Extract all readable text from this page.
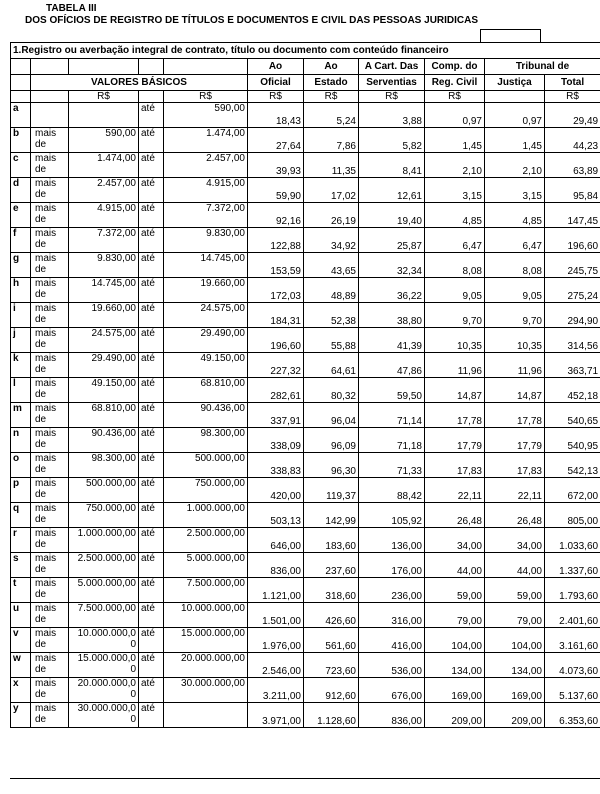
TABELA III
DOS OFÍCIOS DE REGISTRO DE TÍTULOS E DOCUMENTOS E CIVIL DAS PESSOAS JURIDICAS
1.Registro ou averbação integral de contrato, título ou documento com conteúdo financeiro										
					Ao	Ao	A Cart. Das	Comp. do	Tribunal de	
	VALORES BÁSICOS				Oficial	Estado	Serventias	Reg. Civil	Justiça	Total
		R$		R$	R$	R$	R$	R$		R$
a			até	590,00	18,43	5,24	3,88	0,97	0,97	29,49
b	mais de	590,00	até	1.474,00	27,64	7,86	5,82	1,45	1,45	44,23
c	mais de	1.474,00	até	2.457,00	39,93	11,35	8,41	2,10	2,10	63,89
d	mais de	2.457,00	até	4.915,00	59,90	17,02	12,61	3,15	3,15	95,84
e	mais de	4.915,00	até	7.372,00	92,16	26,19	19,40	4,85	4,85	147,45
f	mais de	7.372,00	até	9.830,00	122,88	34,92	25,87	6,47	6,47	196,60
g	mais de	9.830,00	até	14.745,00	153,59	43,65	32,34	8,08	8,08	245,75
h	mais de	14.745,00	até	19.660,00	172,03	48,89	36,22	9,05	9,05	275,24
i	mais de	19.660,00	até	24.575,00	184,31	52,38	38,80	9,70	9,70	294,90
j	mais de	24.575,00	até	29.490,00	196,60	55,88	41,39	10,35	10,35	314,56
k	mais de	29.490,00	até	49.150,00	227,32	64,61	47,86	11,96	11,96	363,71
l	mais de	49.150,00	até	68.810,00	282,61	80,32	59,50	14,87	14,87	452,18
m	mais de	68.810,00	até	90.436,00	337,91	96,04	71,14	17,78	17,78	540,65
n	mais de	90.436,00	até	98.300,00	338,09	96,09	71,18	17,79	17,79	540,95
o	mais de	98.300,00	até	500.000,00	338,83	96,30	71,33	17,83	17,83	542,13
p	mais de	500.000,00	até	750.000,00	420,00	119,37	88,42	22,11	22,11	672,00
q	mais de	750.000,00	até	1.000.000,00	503,13	142,99	105,92	26,48	26,48	805,00
r	mais de	1.000.000,00	até	2.500.000,00	646,00	183,60	136,00	34,00	34,00	1.033,60
s	mais de	2.500.000,00	até	5.000.000,00	836,00	237,60	176,00	44,00	44,00	1.337,60
t	mais de	5.000.000,00	até	7.500.000,00	1.121,00	318,60	236,00	59,00	59,00	1.793,60
u	mais de	7.500.000,00	até	10.000.000,00	1.501,00	426,60	316,00	79,00	79,00	2.401,60
v	mais de	10.000.000,0 0	até	15.000.000,00	1.976,00	561,60	416,00	104,00	104,00	3.161,60
w	mais de	15.000.000,0 0	até	20.000.000,00	2.546,00	723,60	536,00	134,00	134,00	4.073,60
x	mais de	20.000.000,0 0	até	30.000.000,00	3.211,00	912,60	676,00	169,00	169,00	5.137,60
y	mais de	30.000.000,0 0	até		3.971,00	1.128,60	836,00	209,00	209,00	6.353,60
